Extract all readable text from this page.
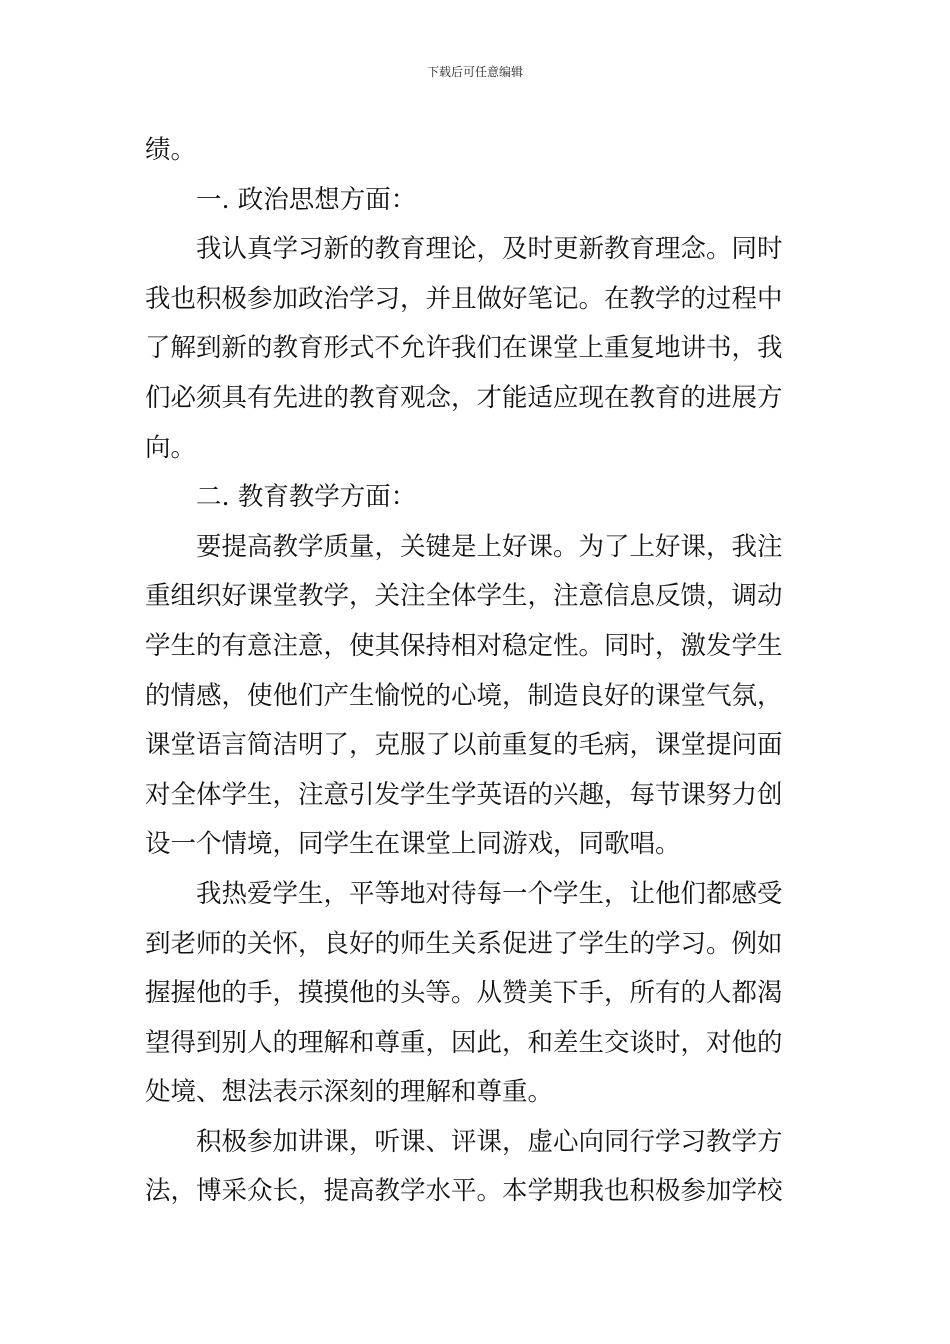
下载后可任意编辑

绩。

一. 政治思想方面：

我认真学习新的教育理论，及时更新教育理念。同时我也积极参加政治学习，并且做好笔记。在教学的过程中了解到新的教育形式不允许我们在课堂上重复地讲书，我们必须具有先进的教育观念，才能适应现在教育的进展方向。

二. 教育教学方面：

要提高教学质量，关键是上好课。为了上好课，我注重组织好课堂教学，关注全体学生，注意信息反馈，调动学生的有意注意，使其保持相对稳定性。同时，激发学生的情感，使他们产生愉悦的心境，制造良好的课堂气氛，课堂语言简洁明了，克服了以前重复的毛病，课堂提问面对全体学生，注意引发学生学英语的兴趣，每节课努力创设一个情境，同学生在课堂上同游戏，同歌唱。

我热爱学生，平等地对待每一个学生，让他们都感受到老师的关怀，良好的师生关系促进了学生的学习。例如握握他的手，摸摸他的头等。从赞美下手，所有的人都渴望得到别人的理解和尊重，因此，和差生交谈时，对他的处境、想法表示深刻的理解和尊重。

积极参加讲课，听课、评课，虚心向同行学习教学方法，博采众长，提高教学水平。本学期我也积极参加学校
